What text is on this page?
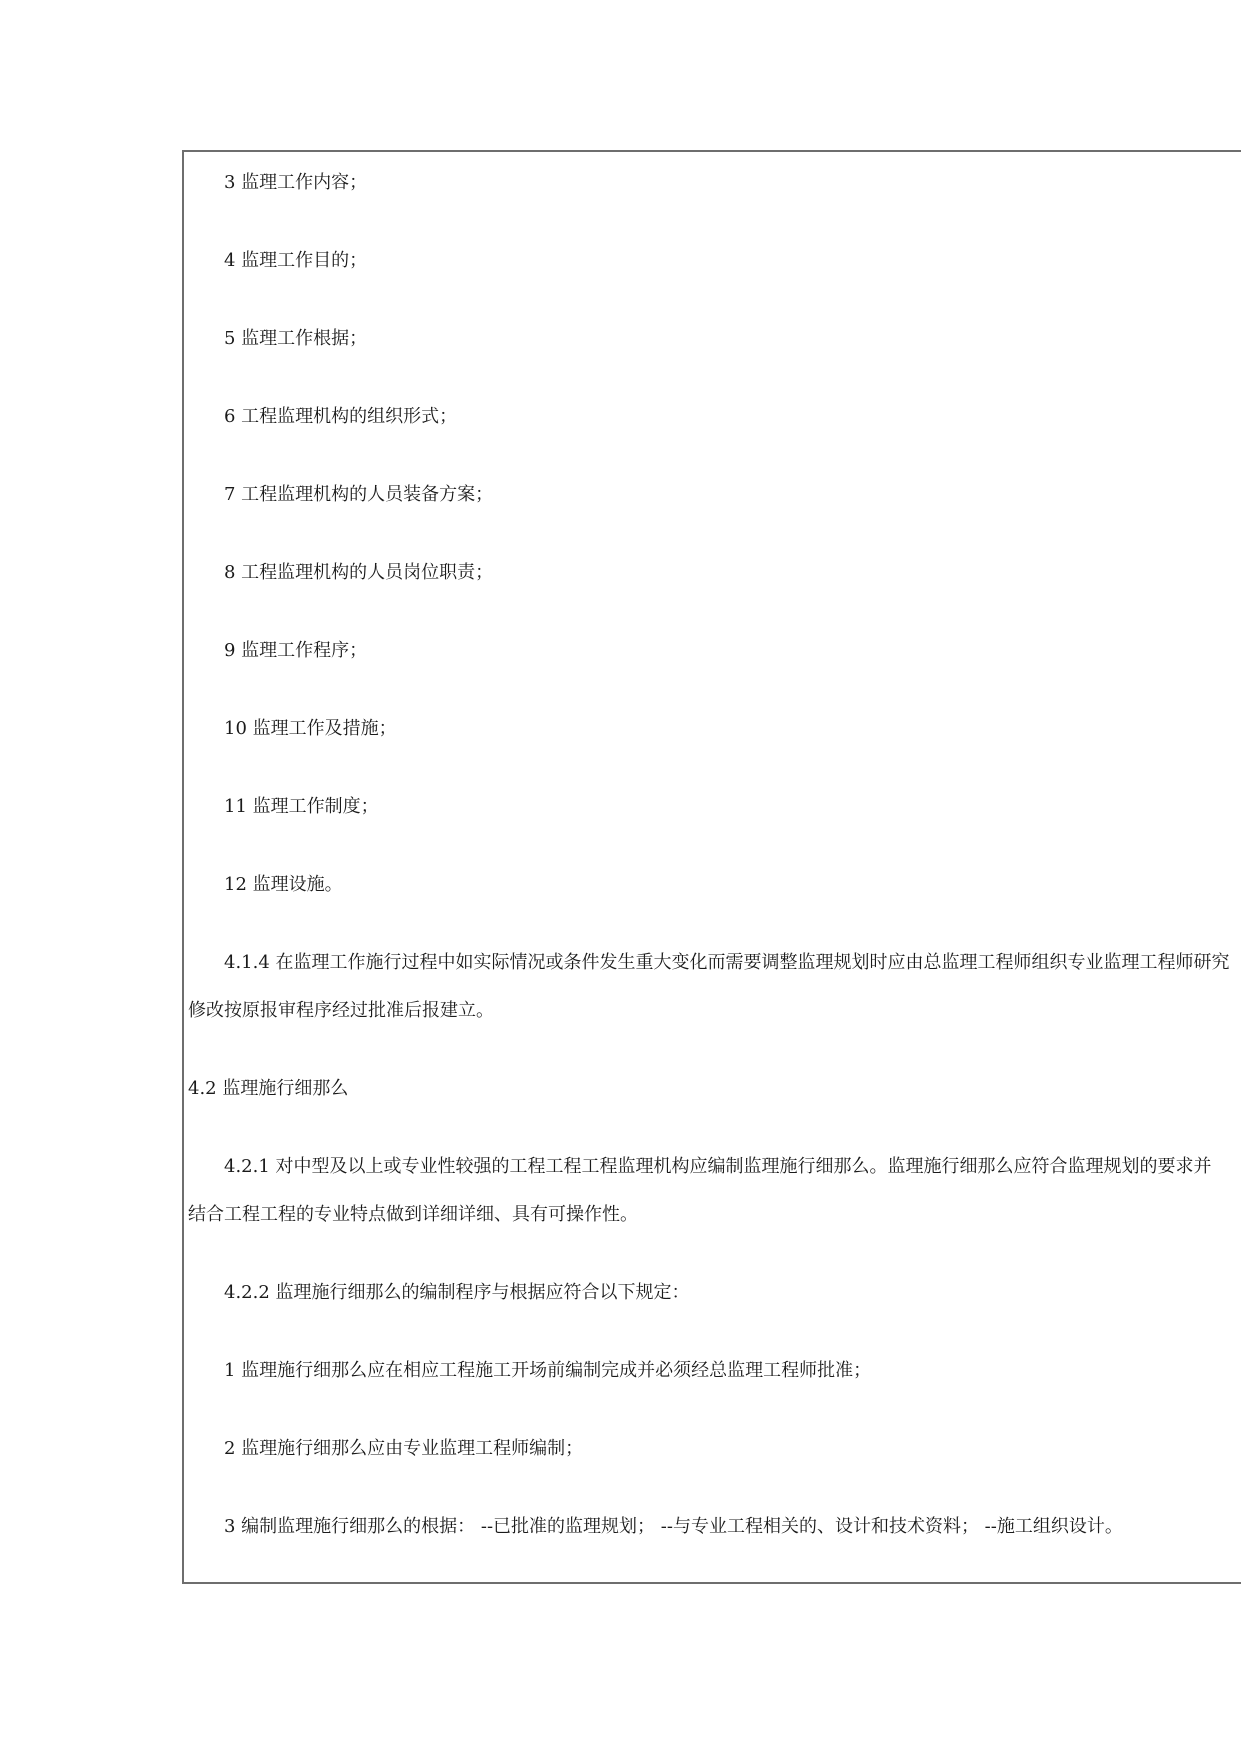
3 监理工作内容；
4 监理工作目的；
5 监理工作根据；
6 工程监理机构的组织形式；
7 工程监理机构的人员装备方案；
8 工程监理机构的人员岗位职责；
9 监理工作程序；
10 监理工作及措施；
11 监理工作制度；
12 监理设施。
4.1.4 在监理工作施行过程中如实际情况或条件发生重大变化而需要调整监理规划时应由总监理工程师组织专业监理工程师研究
修改按原报审程序经过批准后报建立。
4.2 监理施行细那么
4.2.1 对中型及以上或专业性较强的工程工程工程监理机构应编制监理施行细那么。监理施行细那么应符合监理规划的要求并
结合工程工程的专业特点做到详细详细、具有可操作性。
4.2.2 监理施行细那么的编制程序与根据应符合以下规定：
1 监理施行细那么应在相应工程施工开场前编制完成并必须经总监理工程师批准；
2 监理施行细那么应由专业监理工程师编制；
3 编制监理施行细那么的根据： --已批准的监理规划； --与专业工程相关的、设计和技术资料； --施工组织设计。
